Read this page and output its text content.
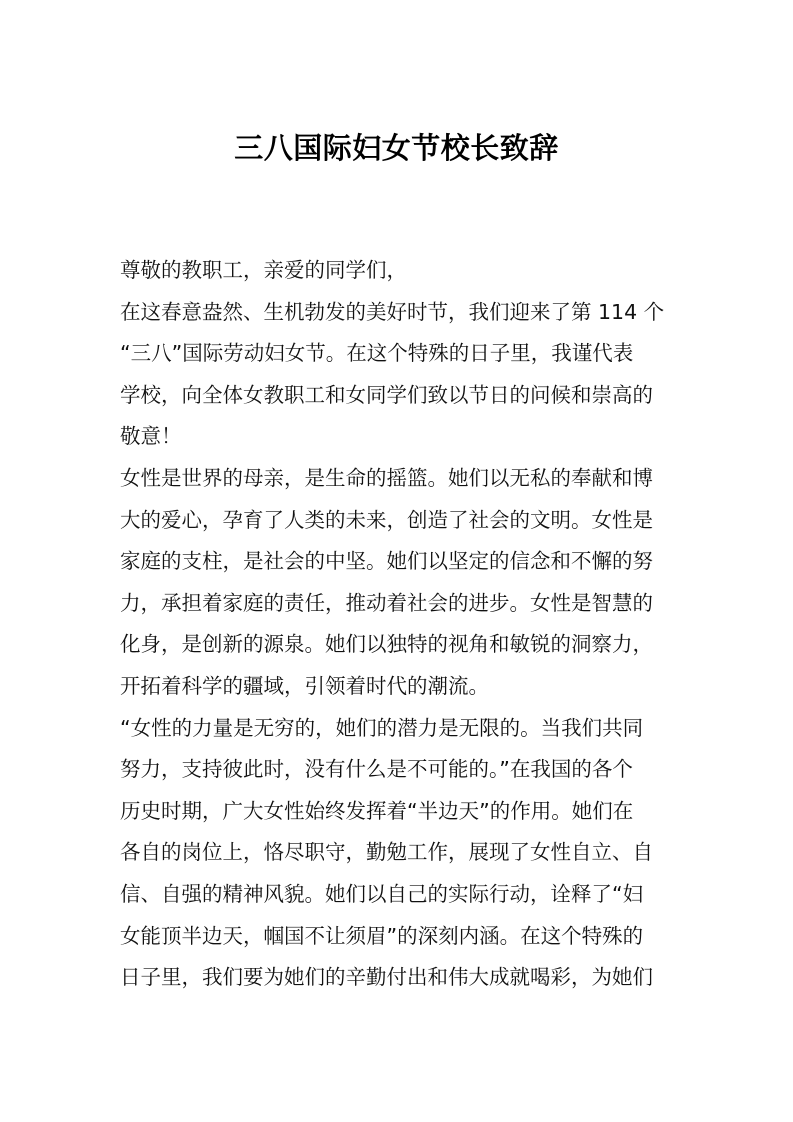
三八国际妇女节校长致辞
尊敬的教职工，亲爱的同学们，
在这春意盎然、生机勃发的美好时节，我们迎来了第 114 个
“三八”国际劳动妇女节。在这个特殊的日子里，我谨代表
学校，向全体女教职工和女同学们致以节日的问候和崇高的
敬意！
女性是世界的母亲，是生命的摇篮。她们以无私的奉献和博
大的爱心，孕育了人类的未来，创造了社会的文明。女性是
家庭的支柱，是社会的中坚。她们以坚定的信念和不懈的努
力，承担着家庭的责任，推动着社会的进步。女性是智慧的
化身，是创新的源泉。她们以独特的视角和敏锐的洞察力，
开拓着科学的疆域，引领着时代的潮流。
“女性的力量是无穷的，她们的潜力是无限的。当我们共同
努力，支持彼此时，没有什么是不可能的。”在我国的各个
历史时期，广大女性始终发挥着“半边天”的作用。她们在
各自的岗位上，恪尽职守，勤勉工作，展现了女性自立、自
信、自强的精神风貌。她们以自己的实际行动，诠释了“妇
女能顶半边天，帼国不让须眉”的深刻内涵。在这个特殊的
日子里，我们要为她们的辛勤付出和伟大成就喝彩，为她们
